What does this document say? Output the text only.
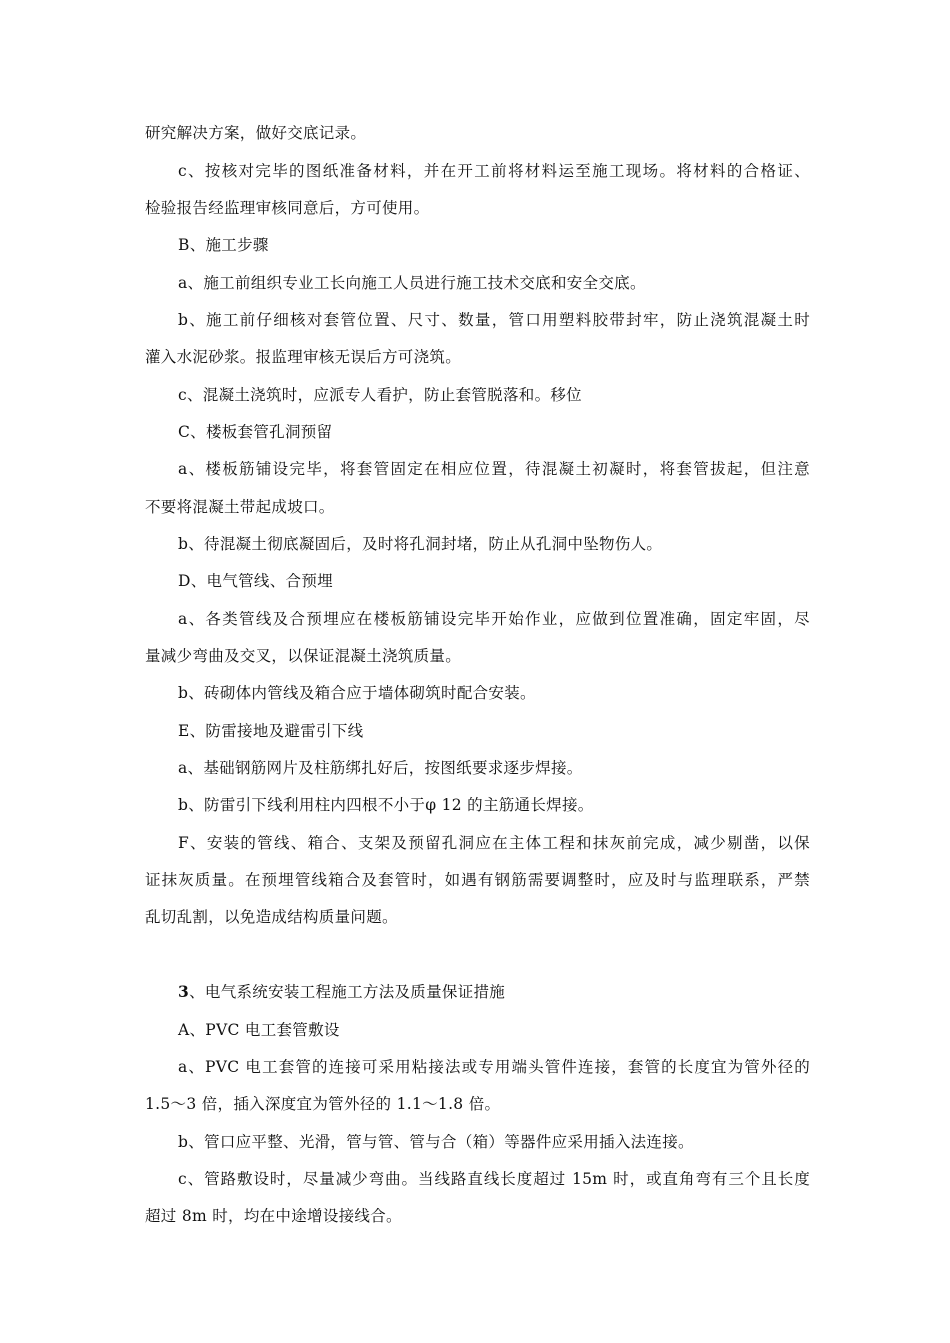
研究解决方案，做好交底记录。
c、按核对完毕的图纸准备材料，并在开工前将材料运至施工现场。将材料的合格证、
检验报告经监理审核同意后，方可使用。
B、施工步骤
a、施工前组织专业工长向施工人员进行施工技术交底和安全交底。
b、施工前仔细核对套管位置、尺寸、数量，管口用塑料胶带封牢，防止浇筑混凝土时
灌入水泥砂浆。报监理审核无误后方可浇筑。
c、混凝土浇筑时，应派专人看护，防止套管脱落和。移位
C、楼板套管孔洞预留
a、楼板筋铺设完毕，将套管固定在相应位置，待混凝土初凝时，将套管拔起，但注意
不要将混凝土带起成坡口。
b、待混凝土彻底凝固后，及时将孔洞封堵，防止从孔洞中坠物伤人。
D、电气管线、合预埋
a、各类管线及合预埋应在楼板筋铺设完毕开始作业，应做到位置准确，固定牢固，尽
量减少弯曲及交叉，以保证混凝土浇筑质量。
b、砖砌体内管线及箱合应于墙体砌筑时配合安装。
E、防雷接地及避雷引下线
a、基础钢筋网片及柱筋绑扎好后，按图纸要求逐步焊接。
b、防雷引下线利用柱内四根不小于φ 12 的主筋通长焊接。
F、安装的管线、箱合、支架及预留孔洞应在主体工程和抹灰前完成，减少剔凿，以保
证抹灰质量。在预埋管线箱合及套管时，如遇有钢筋需要调整时，应及时与监理联系，严禁
乱切乱割，以免造成结构质量问题。
3、电气系统安装工程施工方法及质量保证措施
A、PVC 电工套管敷设
a、PVC 电工套管的连接可采用粘接法或专用端头管件连接，套管的长度宜为管外径的
1.5～3 倍，插入深度宜为管外径的 1.1～1.8 倍。
b、管口应平整、光滑，管与管、管与合（箱）等器件应采用插入法连接。
c、管路敷设时，尽量减少弯曲。当线路直线长度超过 15m 时，或直角弯有三个且长度
超过 8m 时，均在中途增设接线合。
